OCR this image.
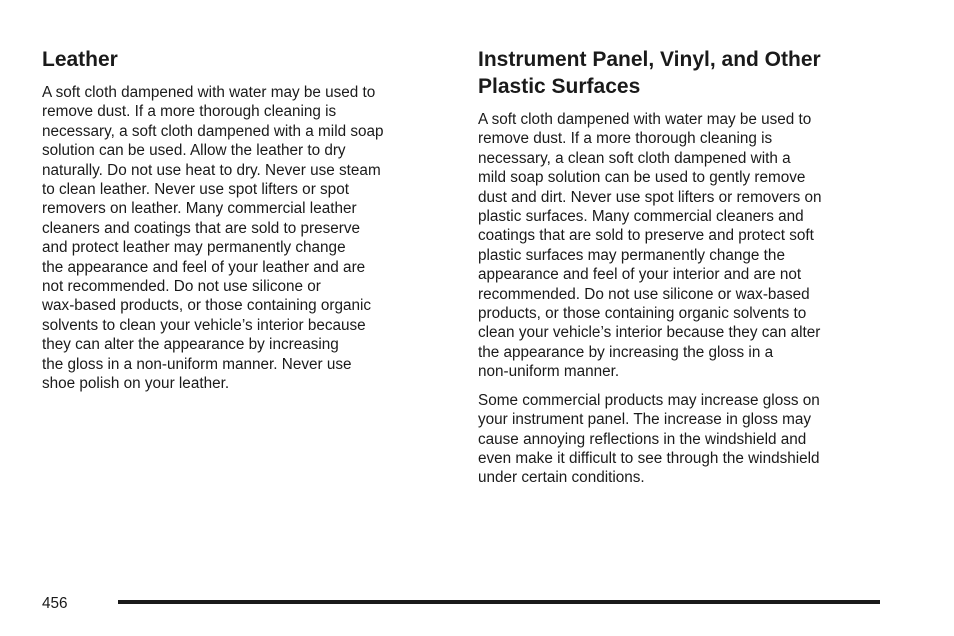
Leather

A soft cloth dampened with water may be used to
remove dust. If a more thorough cleaning is
necessary, a soft cloth dampened with a mild soap
solution can be used. Allow the leather to dry
naturally. Do not use heat to dry. Never use steam
to clean leather. Never use spot lifters or spot
removers on leather. Many commercial leather
cleaners and coatings that are sold to preserve
and protect leather may permanently change
the appearance and feel of your leather and are
not recommended. Do not use silicone or
wax-based products, or those containing organic
solvents to clean your vehicle’s interior because
they can alter the appearance by increasing
the gloss in a non-uniform manner. Never use
shoe polish on your leather.

Instrument Panel, Vinyl, and Other
Plastic Surfaces

A soft cloth dampened with water may be used to
remove dust. If a more thorough cleaning is
necessary, a clean soft cloth dampened with a
mild soap solution can be used to gently remove
dust and dirt. Never use spot lifters or removers on
plastic surfaces. Many commercial cleaners and
coatings that are sold to preserve and protect soft
plastic surfaces may permanently change the
appearance and feel of your interior and are not
recommended. Do not use silicone or wax-based
products, or those containing organic solvents to
clean your vehicle’s interior because they can alter
the appearance by increasing the gloss in a
non-uniform manner.

Some commercial products may increase gloss on
your instrument panel. The increase in gloss may
cause annoying reflections in the windshield and
even make it difficult to see through the windshield
under certain conditions.

456
